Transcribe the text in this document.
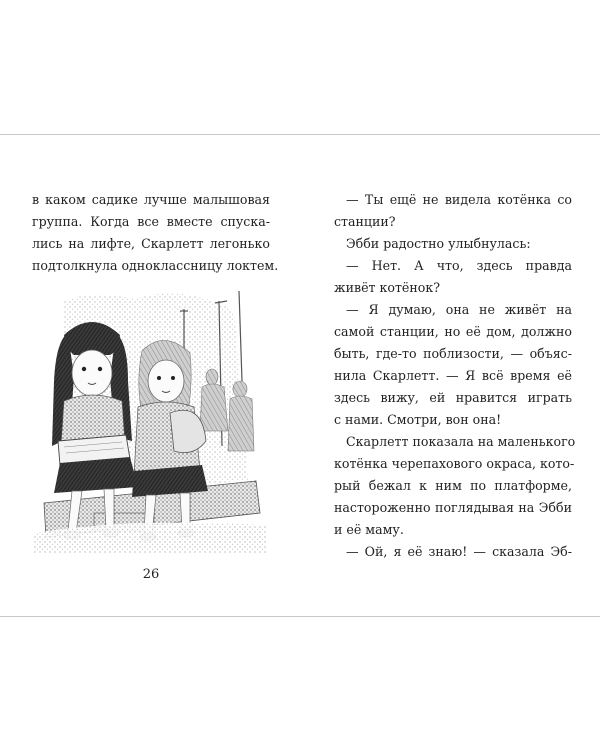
в каком садике лучше малышовая
группа. Когда все вместе спуска-
лись на лифте, Скарлетт легонько
подтолкнула одноклассницу локтем.
26
— Ты ещё не видела котёнка со
станции?
Эбби радостно улыбнулась:
— Нет. А что, здесь правда
живёт котёнок?
— Я думаю, она не живёт на
самой станции, но её дом, должно
быть, где-то поблизости, — объяс-
нила Скарлетт. — Я всё время её
здесь вижу, ей нравится играть
с нами. Смотри, вон она!
Скарлетт показала на маленького
котёнка черепахового окраса, кото-
рый бежал к ним по платформе,
настороженно поглядывая на Эбби
и её маму.
— Ой, я её знаю! — сказала Эб-
